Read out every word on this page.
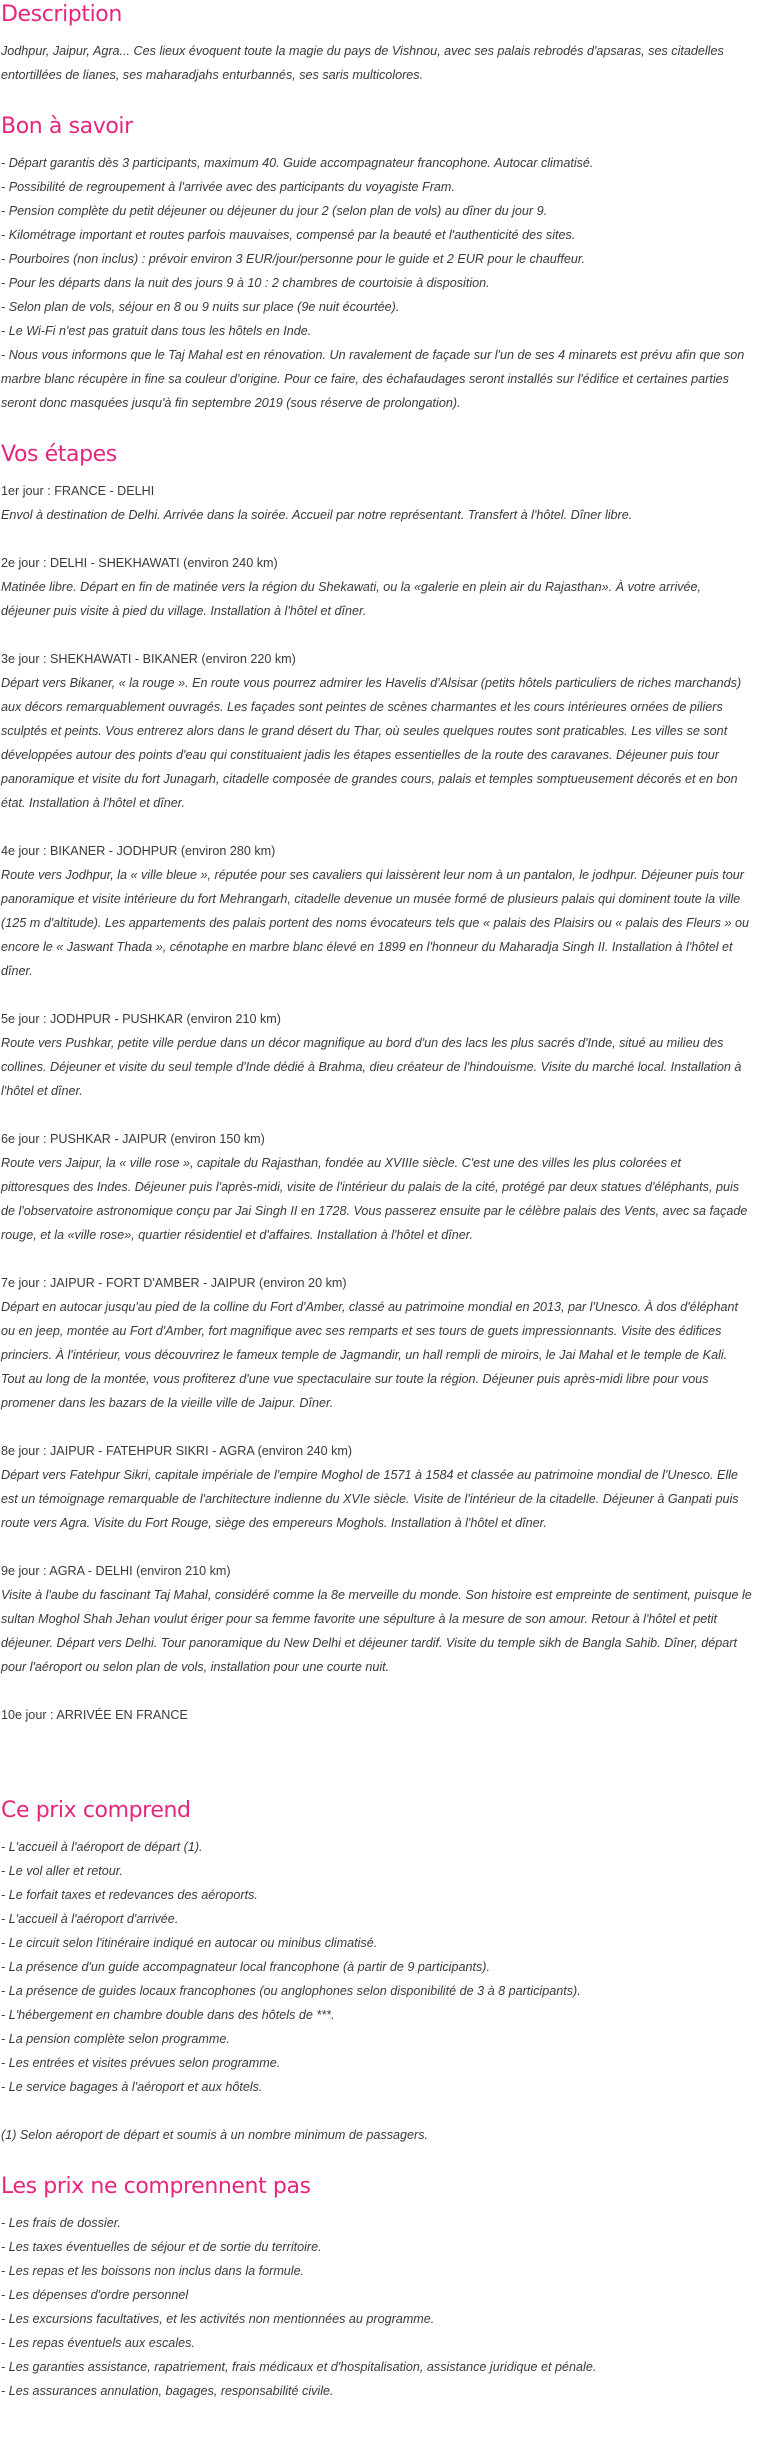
Description

Jodhpur, Jaipur, Agra... Ces lieux évoquent toute la magie du pays de Vishnou, avec ses palais rebrodés d'apsaras, ses citadelles entortillées de lianes, ses maharadjahs enturbannés, ses saris multicolores.

Bon à savoir

- Départ garantis dès 3 participants, maximum 40. Guide accompagnateur francophone. Autocar climatisé.

- Possibilité de regroupement à l'arrivée avec des participants du voyagiste Fram.

- Pension complète du petit déjeuner ou déjeuner du jour 2 (selon plan de vols) au dîner du jour 9.

- Kilométrage important et routes parfois mauvaises, compensé par la beauté et l'authenticité des sites.

- Pourboires (non inclus) : prévoir environ 3 EUR/jour/personne pour le guide et 2 EUR pour le chauffeur.

- Pour les départs dans la nuit des jours 9 à 10 : 2 chambres de courtoisie à disposition.

- Selon plan de vols, séjour en 8 ou 9 nuits sur place (9e nuit écourtée).

- Le Wi-Fi n'est pas gratuit dans tous les hôtels en Inde.

- Nous vous informons que le Taj Mahal est en rénovation. Un ravalement de façade sur l'un de ses 4 minarets est prévu afin que son marbre blanc récupère in fine sa couleur d'origine. Pour ce faire, des échafaudages seront installés sur l'édifice et certaines parties seront donc masquées jusqu'à fin septembre 2019 (sous réserve de prolongation).

Vos étapes

1er jour : FRANCE - DELHI

Envol à destination de Delhi. Arrivée dans la soirée. Accueil par notre représentant. Transfert à l'hôtel. Dîner libre.

2e jour : DELHI - SHEKHAWATI (environ 240 km)

Matinée libre. Départ en fin de matinée vers la région du Shekawati, ou la «galerie en plein air du Rajasthan». À votre arrivée, déjeuner puis visite à pied du village. Installation à l'hôtel et dîner.

3e jour : SHEKHAWATI - BIKANER (environ 220 km)

Départ vers Bikaner, « la rouge ». En route vous pourrez admirer les Havelis d'Alsisar (petits hôtels particuliers de riches marchands) aux décors remarquablement ouvragés. Les façades sont peintes de scènes charmantes et les cours intérieures ornées de piliers sculptés et peints. Vous entrerez alors dans le grand désert du Thar, où seules quelques routes sont praticables. Les villes se sont développées autour des points d'eau qui constituaient jadis les étapes essentielles de la route des caravanes. Déjeuner puis tour panoramique et visite du fort Junagarh, citadelle composée de grandes cours, palais et temples somptueusement décorés et en bon état. Installation à l'hôtel et dîner.

4e jour : BIKANER - JODHPUR (environ 280 km)

Route vers Jodhpur, la « ville bleue », réputée pour ses cavaliers qui laissèrent leur nom à un pantalon, le jodhpur. Déjeuner puis tour panoramique et visite intérieure du fort Mehrangarh, citadelle devenue un musée formé de plusieurs palais qui dominent toute la ville (125 m d'altitude). Les appartements des palais portent des noms évocateurs tels que « palais des Plaisirs ou « palais des Fleurs » ou encore le « Jaswant Thada », cénotaphe en marbre blanc élevé en 1899 en l'honneur du Maharadja Singh II. Installation à l'hôtel et dîner.

5e jour : JODHPUR - PUSHKAR (environ 210 km)

Route vers Pushkar, petite ville perdue dans un décor magnifique au bord d'un des lacs les plus sacrés d'Inde, situé au milieu des collines. Déjeuner et visite du seul temple d'Inde dédié à Brahma, dieu créateur de l'hindouisme. Visite du marché local. Installation à l'hôtel et dîner.

6e jour : PUSHKAR - JAIPUR (environ 150 km)

Route vers Jaipur, la « ville rose », capitale du Rajasthan, fondée au XVIIIe siècle. C'est une des villes les plus colorées et pittoresques des Indes. Déjeuner puis l'après-midi, visite de l'intérieur du palais de la cité, protégé par deux statues d'éléphants, puis de l'observatoire astronomique conçu par Jai Singh II en 1728. Vous passerez ensuite par le célèbre palais des Vents, avec sa façade rouge, et la «ville rose», quartier résidentiel et d'affaires. Installation à l'hôtel et dîner.

7e jour : JAIPUR - FORT D'AMBER - JAIPUR (environ 20 km)

Départ en autocar jusqu'au pied de la colline du Fort d'Amber, classé au patrimoine mondial en 2013, par l'Unesco. À dos d'éléphant ou en jeep, montée au Fort d'Amber, fort magnifique avec ses remparts et ses tours de guets impressionnants. Visite des édifices princiers. À l'intérieur, vous découvrirez le fameux temple de Jagmandir, un hall rempli de miroirs, le Jai Mahal et le temple de Kali. Tout au long de la montée, vous profiterez d'une vue spectaculaire sur toute la région. Déjeuner puis après-midi libre pour vous promener dans les bazars de la vieille ville de Jaipur. Dîner.

8e jour : JAIPUR - FATEHPUR SIKRI - AGRA (environ 240 km)

Départ vers Fatehpur Sikri, capitale impériale de l'empire Moghol de 1571 à 1584 et classée au patrimoine mondial de l'Unesco. Elle est un témoignage remarquable de l'architecture indienne du XVIe siècle. Visite de l'intérieur de la citadelle. Déjeuner à Ganpati puis route vers Agra. Visite du Fort Rouge, siège des empereurs Moghols. Installation à l'hôtel et dîner.

9e jour : AGRA - DELHI (environ 210 km)

Visite à l'aube du fascinant Taj Mahal, considéré comme la 8e merveille du monde. Son histoire est empreinte de sentiment, puisque le sultan Moghol Shah Jehan voulut ériger pour sa femme favorite une sépulture à la mesure de son amour. Retour à l'hôtel et petit déjeuner. Départ vers Delhi. Tour panoramique du New Delhi et déjeuner tardif. Visite du temple sikh de Bangla Sahib. Dîner, départ pour l'aéroport ou selon plan de vols, installation pour une courte nuit.

10e jour : ARRIVÉE EN FRANCE

Ce prix comprend

- L'accueil à l'aéroport de départ (1).

- Le vol aller et retour.

- Le forfait taxes et redevances des aéroports.

- L'accueil à l'aéroport d'arrivée.

- Le circuit selon l'itinéraire indiqué en autocar ou minibus climatisé.

- La présence d'un guide accompagnateur local francophone (à partir de 9 participants).

- La présence de guides locaux francophones (ou anglophones selon disponibilité de 3 à 8 participants).

- L'hébergement en chambre double dans des hôtels de ***.

- La pension complète selon programme.

- Les entrées et visites prévues selon programme.

- Le service bagages à l'aéroport et aux hôtels.

(1) Selon aéroport de départ et soumis à un nombre minimum de passagers.

Les prix ne comprennent pas

- Les frais de dossier.

- Les taxes éventuelles de séjour et de sortie du territoire.

- Les repas et les boissons non inclus dans la formule.

- Les dépenses d'ordre personnel

- Les excursions facultatives, et les activités non mentionnées au programme.

- Les repas éventuels aux escales.

- Les garanties assistance, rapatriement, frais médicaux et d'hospitalisation, assistance juridique et pénale.

- Les assurances annulation, bagages, responsabilité civile.
